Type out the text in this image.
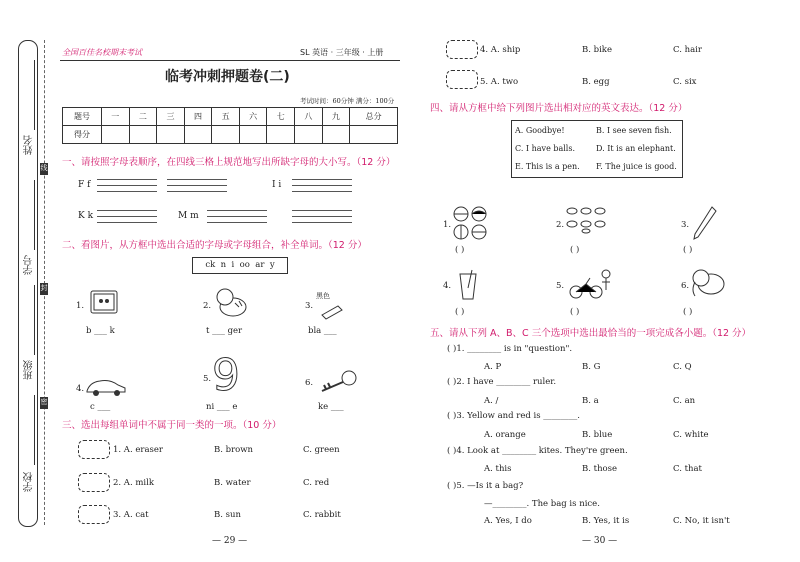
姓名
学号
班级
学校
线
封
密
全国百佳名校期末考试	SL 英语 · 三年级 · 上册
临考冲刺押题卷(二)
考试时间：60分钟 满分：100分
题号	一	二	三	四	五	六	七	八	九	总分
得分										
一、请按照字母表顺序，在四线三格上规范地写出所缺字母的大小写。（12 分）
F f	I i
K k	M m
二、看图片，从方框中选出合适的字母或字母组合，补全单词。（12 分）
ck  n  i  oo  ar  y
1.
b ___ k
2.
t ___ ger
3.
黑色
bla ___
4.
c ___
5. 9
ni ___ e
6.
ke ___
三、选出每组单词中不属于同一类的一项。（10 分）
1. A. eraser	B. brown	C. green
2. A. milk	B. water	C. red
3. A. cat	B. sun	C. rabbit
— 29 —
4. A. ship	B. bike	C. hair
5. A. two	B. egg	C. six
四、请从方框中给下列图片选出相对应的英文表达。（12 分）
A. Goodbye!	B. I see seven fish.
C. I have balls.	D. It is an elephant.
E. This is a pen. F. The juice is good.
1.
( )
2.
( )
3.
( )
4.
( )
5.
( )
6.
( )
五、请从下列 A、B、C 三个选项中选出最恰当的一项完成各小题。（12 分）
( )1. ________ is in "question".
A. P	B. G	C. Q
( )2. I have ________ ruler.
A. /	B. a	C. an
( )3. Yellow and red is ________.
A. orange	B. blue	C. white
( )4. Look at ________ kites. They're green.
A. this	B. those	C. that
( )5. —Is it a bag?
—________. The bag is nice.
A. Yes, I do	B. Yes, it is	C. No, it isn't
— 30 —
